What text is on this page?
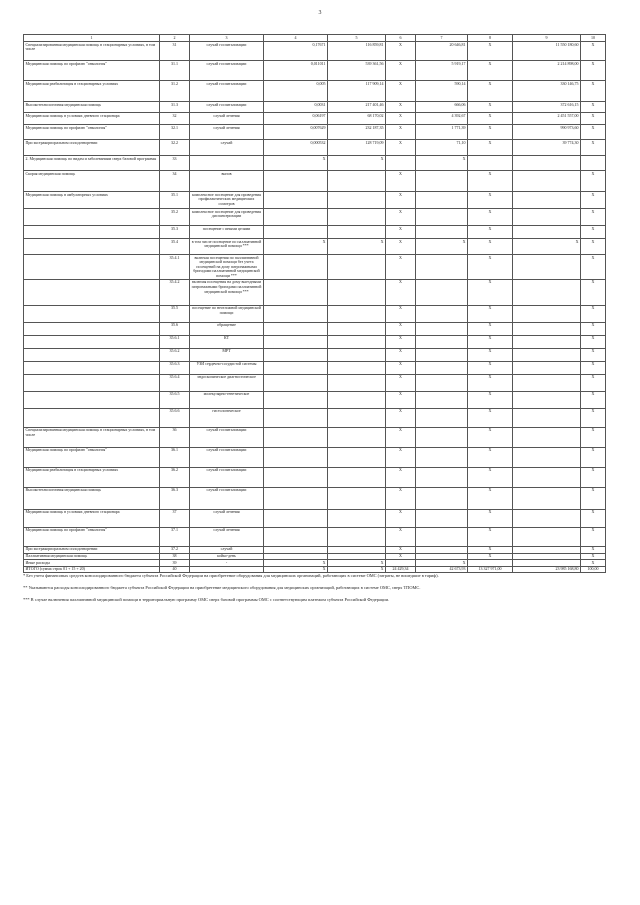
3
1	2	3	4	5	6	7	8	9	10
Специализированная медицинская помощь в стационарных условиях, в том числе	31	случай госпитализации	0,17671	116 859,81	X	20 646,81	X	11 550 180,60	X
Медицинская помощь по профилю "онкология"	31.1	случай госпитализации	0,011011	539 361,56	X	5 919,17	X	2 214 898,00	X
Медицинская реабилитация в стационарных условиях	31.2	случай госпитализации	0,005	117 909,14	X	590,14	X	330 146,75	X
Высокотехнологичная медицинская помощь	31.3	случай госпитализации	0,0031	217 401,46	X	666,06	X	372 616,15	X
Медицинская помощь в условиях дневного стационара	32	случай лечения	0,06197	68 170,02	X	4 392,67	X	2 451 557,00	X
Медицинская помощь по профилю "онкология"	32.1	случай лечения	0,007629	232 187,35	X	1 771,39	X	990 973,60	X
При экстракорпоральном оплодотворении	32.2	случай	0,000532	128 719,09	X	71,10	X	39 774,30	X
2. Медицинская помощь по видам и заболеваниям сверх базовой программы	33		X	X		X			
Скорая медицинская помощь	34	вызов			X		X		X
Медицинская помощь в амбулаторных условиях	35.1	комплексное посещение для проведения профилактических медицинских осмотров			X		X		X
	35.2	комплексное посещение для проведения диспансеризации			X		X		X
	35.3	посещение с иными целями			X		X		X
	35.4	в том числе посещение по паллиативной медицинской помощи ***	X	X	X	X	X	X	X
	35.4.1	включая посещения по паллиативной медицинской помощи без учета посещений на дому патронажными бригадами паллиативной медицинской помощи ***			X		X		X
	35.4.2	включая посещения на дому выездными патронажными бригадами паллиативной медицинской помощи ***			X		X		X
	35.5	посещение по неотложной медицинской помощи			X		X		X
	35.6	обращение			X		X		X
	35.6.1	КТ			X		X		X
	35.6.2	МРТ			X		X		X
	35.6.3	УЗИ сердечно-сосудистой системы			X		X		X
	35.6.4	эндоскопическое диагностическое			X		X		X
	35.6.5	молекулярно-генетическое			X		X		X
	35.6.6	гистологическое			X		X		X
Специализированная медицинская помощь в стационарных условиях, в том числе	36	случай госпитализации			X		X		X
Медицинская помощь по профилю "онкология"	36.1	случай госпитализации			X		X		X
Медицинская реабилитация в стационарных условиях	36.2	случай госпитализации			X		X		X
Высокотехнологичная медицинская помощь	36.3	случай госпитализации			X		X		X
Медицинская помощь в условиях дневного стационара	37	случай лечения			X		X		X
Медицинская помощь по профилю "онкология"	37.1	случай лечения			X		X		X
При экстракорпоральном оплодотворении	37.2	случай			X		X		X
Паллиативная медицинская помощь	38	койко-день			X		X		X
Иные расходы	39	-	X	X		X			X
ИТОГО (сумма строк 01 + 15 + 20)	40		X	X	24 429,34	42 673,93	13 327 971,00	23 985 168,80	100,00

* Без учета финансовых средств консолидированного бюджета субъекта Российской Федерации на приобретение оборудования для медицинских организаций, работающих в системе ОМС (затраты, не вошедшие в тариф).

** Указываются расходы консолидированного бюджета субъекта Российской Федерации на приобретение медицинского оборудования для медицинских организаций, работающих в системе ОМС, сверх ТПОМС.

*** В случае включения паллиативной медицинской помощи в территориальную программу ОМС сверх базовой программы ОМС с соответствующим платежом субъекта Российской Федерации.
